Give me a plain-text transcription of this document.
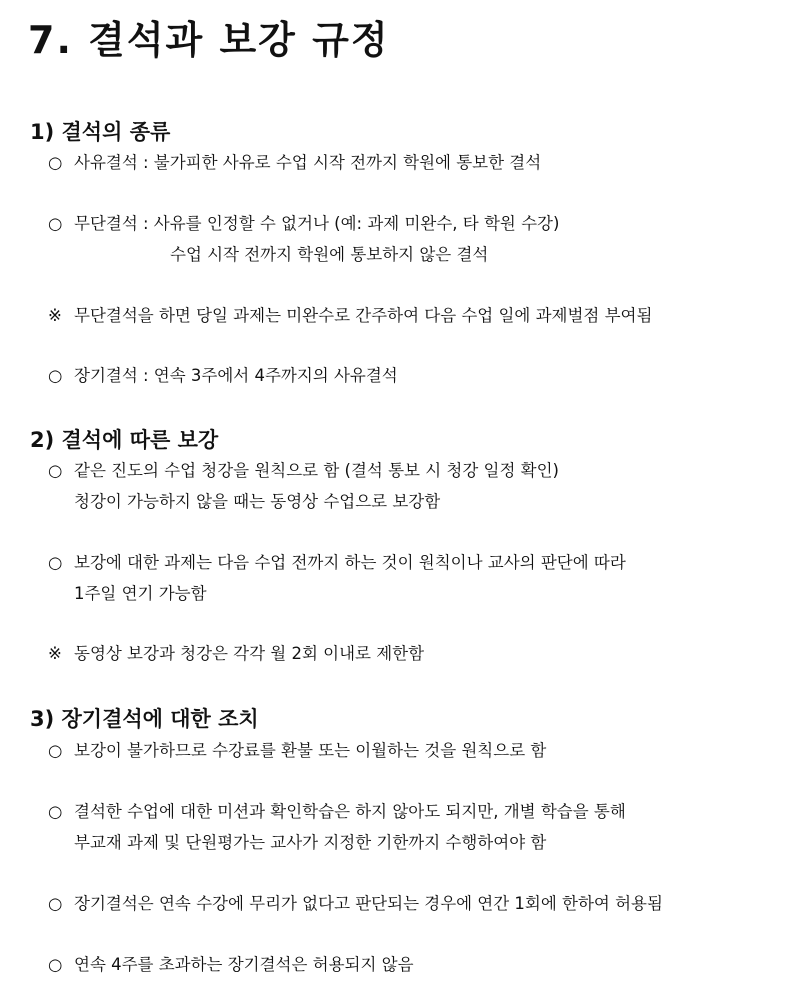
7. 결석과 보강 규정
1) 결석의 종류
○ 사유결석 : 불가피한 사유로 수업 시작 전까지 학원에 통보한 결석
○ 무단결석 : 사유를 인정할 수 없거나 (예: 과제 미완수, 타 학원 수강)
수업 시작 전까지 학원에 통보하지 않은 결석
※ 무단결석을 하면 당일 과제는 미완수로 간주하여 다음 수업 일에 과제벌점 부여됨
○ 장기결석 : 연속 3주에서 4주까지의 사유결석
2) 결석에 따른 보강
○ 같은 진도의 수업 청강을 원칙으로 함 (결석 통보 시 청강 일정 확인)
청강이 가능하지 않을 때는 동영상 수업으로 보강함
○ 보강에 대한 과제는 다음 수업 전까지 하는 것이 원칙이나 교사의 판단에 따라
1주일 연기 가능함
※ 동영상 보강과 청강은 각각 월 2회 이내로 제한함
3) 장기결석에 대한 조치
○ 보강이 불가하므로 수강료를 환불 또는 이월하는 것을 원칙으로 함
○ 결석한 수업에 대한 미션과 확인학습은 하지 않아도 되지만, 개별 학습을 통해
부교재 과제 및 단원평가는 교사가 지정한 기한까지 수행하여야 함
○ 장기결석은 연속 수강에 무리가 없다고 판단되는 경우에 연간 1회에 한하여 허용됨
○ 연속 4주를 초과하는 장기결석은 허용되지 않음
